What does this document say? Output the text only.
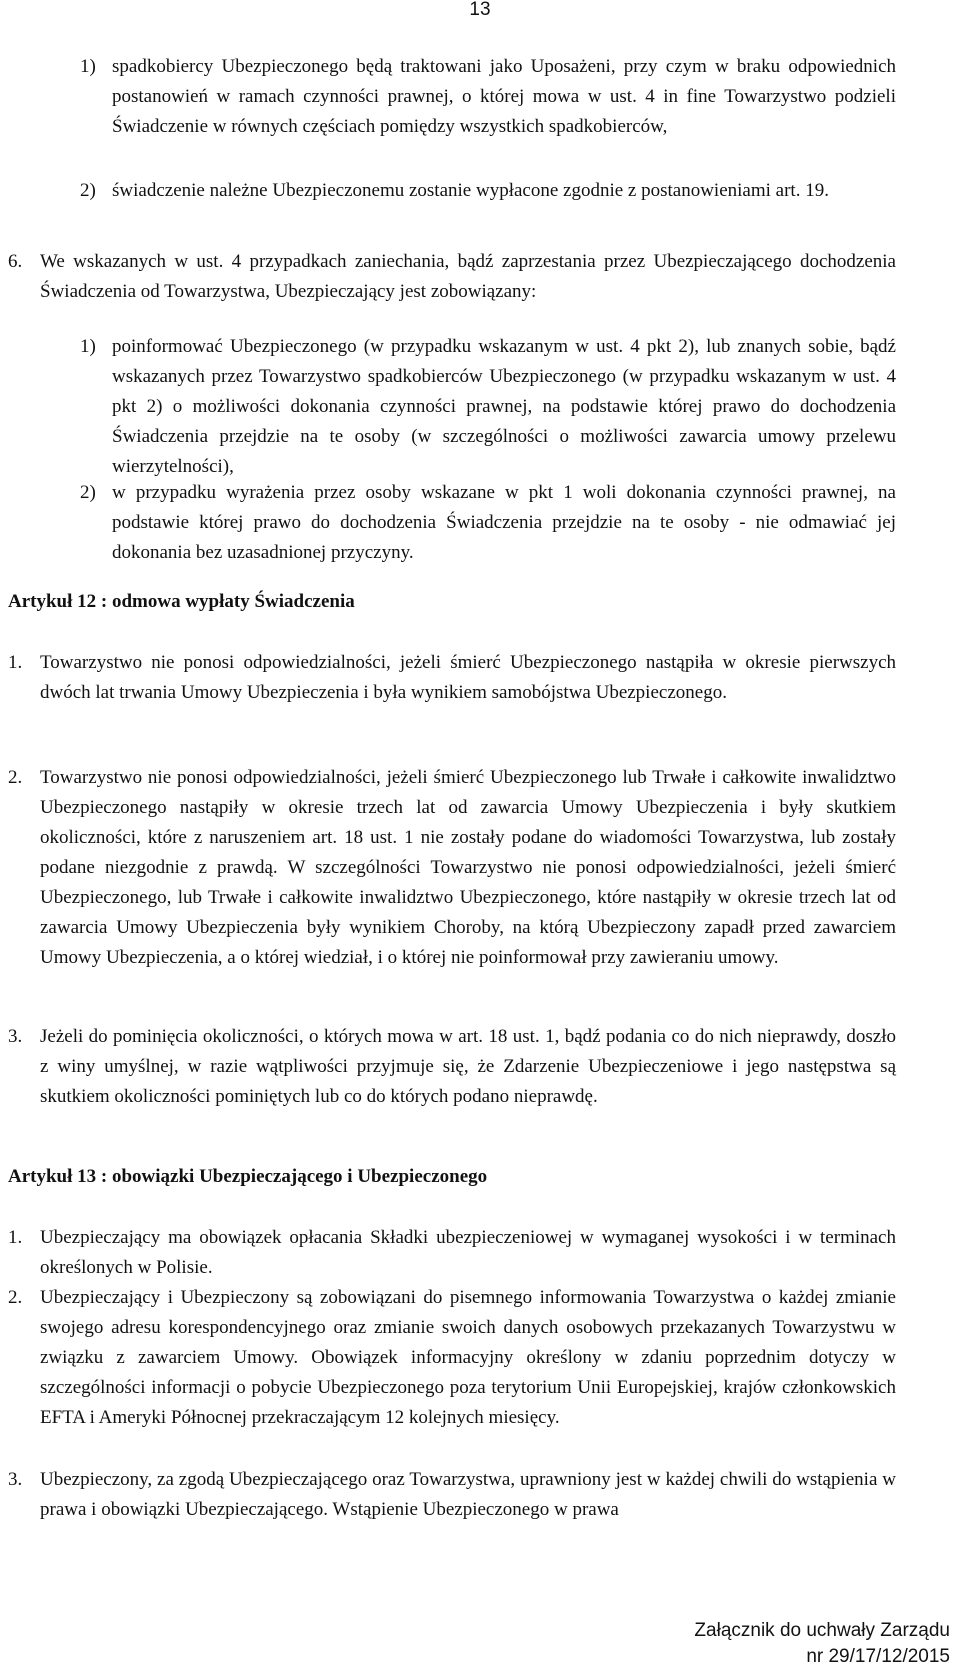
13
1) spadkobiercy Ubezpieczonego będą traktowani jako Uposażeni, przy czym w braku odpowiednich postanowień w ramach czynności prawnej, o której mowa w ust. 4 in fine Towarzystwo podzieli Świadczenie w równych częściach pomiędzy wszystkich spadkobierców,
2) świadczenie należne Ubezpieczonemu zostanie wypłacone zgodnie z postanowieniami art. 19.
6. We wskazanych w ust. 4 przypadkach zaniechania, bądź zaprzestania przez Ubezpieczającego dochodzenia Świadczenia od Towarzystwa, Ubezpieczający jest zobowiązany:
1) poinformować Ubezpieczonego (w przypadku wskazanym w ust. 4 pkt 2), lub znanych sobie, bądź wskazanych przez Towarzystwo spadkobierców Ubezpieczonego (w przypadku wskazanym w ust. 4 pkt 2) o możliwości dokonania czynności prawnej, na podstawie której prawo do dochodzenia Świadczenia przejdzie na te osoby (w szczególności o możliwości zawarcia umowy przelewu wierzytelności),
2) w przypadku wyrażenia przez osoby wskazane w pkt 1 woli dokonania czynności prawnej, na podstawie której prawo do dochodzenia Świadczenia przejdzie na te osoby - nie odmawiać jej dokonania bez uzasadnionej przyczyny.
Artykuł 12 : odmowa wypłaty Świadczenia
1. Towarzystwo nie ponosi odpowiedzialności, jeżeli śmierć Ubezpieczonego nastąpiła w okresie pierwszych dwóch lat trwania Umowy Ubezpieczenia i była wynikiem samobójstwa Ubezpieczonego.
2. Towarzystwo nie ponosi odpowiedzialności, jeżeli śmierć Ubezpieczonego lub Trwałe i całkowite inwalidztwo Ubezpieczonego nastąpiły w okresie trzech lat od zawarcia Umowy Ubezpieczenia i były skutkiem okoliczności, które z naruszeniem art. 18 ust. 1 nie zostały podane do wiadomości Towarzystwa, lub zostały podane niezgodnie z prawdą. W szczególności Towarzystwo nie ponosi odpowiedzialności, jeżeli śmierć Ubezpieczonego, lub Trwałe i całkowite inwalidztwo Ubezpieczonego, które nastąpiły w okresie trzech lat od zawarcia Umowy Ubezpieczenia były wynikiem Choroby, na którą Ubezpieczony zapadł przed zawarciem Umowy Ubezpieczenia, a o której wiedział, i o której nie poinformował przy zawieraniu umowy.
3. Jeżeli do pominięcia okoliczności, o których mowa w art. 18 ust. 1, bądź podania co do nich nieprawdy, doszło z winy umyślnej, w razie wątpliwości przyjmuje się, że Zdarzenie Ubezpieczeniowe i jego następstwa są skutkiem okoliczności pominiętych lub co do których podano nieprawdę.
Artykuł 13 : obowiązki Ubezpieczającego i Ubezpieczonego
1. Ubezpieczający ma obowiązek opłacania Składki ubezpieczeniowej w wymaganej wysokości i w terminach określonych w Polisie.
2. Ubezpieczający i Ubezpieczony są zobowiązani do pisemnego informowania Towarzystwa o każdej zmianie swojego adresu korespondencyjnego oraz zmianie swoich danych osobowych przekazanych Towarzystwu w związku z zawarciem Umowy. Obowiązek informacyjny określony w zdaniu poprzednim dotyczy w szczególności informacji o pobycie Ubezpieczonego poza terytorium Unii Europejskiej, krajów członkowskich EFTA i Ameryki Północnej przekraczającym 12 kolejnych miesięcy.
3. Ubezpieczony, za zgodą Ubezpieczającego oraz Towarzystwa, uprawniony jest w każdej chwili do wstąpienia w prawa i obowiązki Ubezpieczającego. Wstąpienie Ubezpieczonego w prawa
Załącznik do uchwały Zarządu
nr 29/17/12/2015
